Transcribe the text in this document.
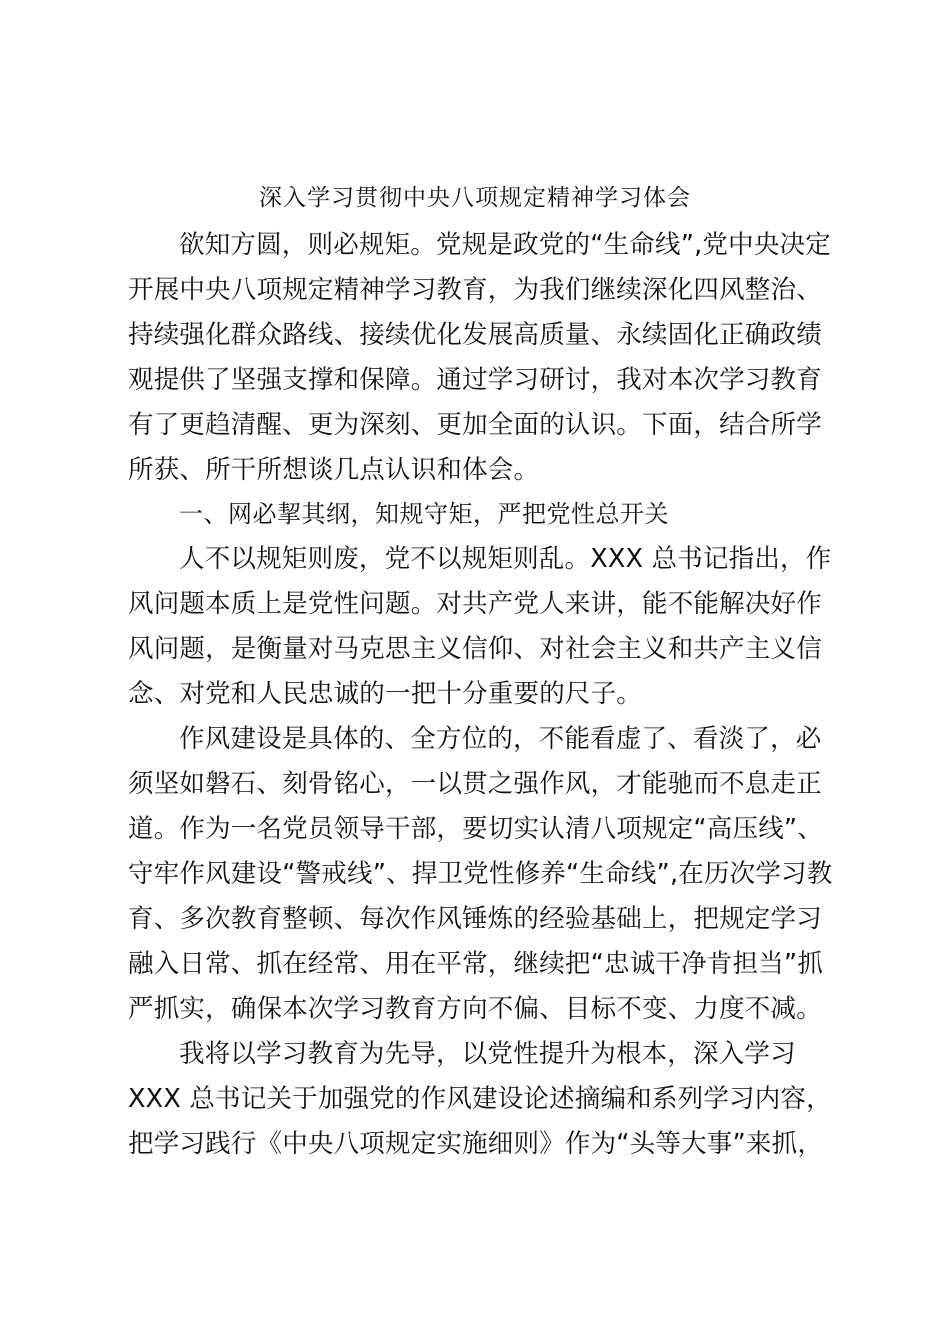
深入学习贯彻中央八项规定精神学习体会
欲知方圆，则必规矩。党规是政党的“生命线”,党中央决定
开展中央八项规定精神学习教育，为我们继续深化四风整治、
持续强化群众路线、接续优化发展高质量、永续固化正确政绩
观提供了坚强支撑和保障。通过学习研讨，我对本次学习教育
有了更趋清醒、更为深刻、更加全面的认识。下面，结合所学
所获、所干所想谈几点认识和体会。
一、网必挈其纲，知规守矩，严把党性总开关
人不以规矩则废，党不以规矩则乱。XXX 总书记指出，作
风问题本质上是党性问题。对共产党人来讲，能不能解决好作
风问题，是衡量对马克思主义信仰、对社会主义和共产主义信
念、对党和人民忠诚的一把十分重要的尺子。
作风建设是具体的、全方位的，不能看虚了、看淡了，必
须坚如磐石、刻骨铭心，一以贯之强作风，才能驰而不息走正
道。作为一名党员领导干部，要切实认清八项规定“高压线”、
守牢作风建设“警戒线”、捍卫党性修养“生命线”,在历次学习教
育、多次教育整顿、每次作风锤炼的经验基础上，把规定学习
融入日常、抓在经常、用在平常，继续把“忠诚干净肯担当”抓
严抓实，确保本次学习教育方向不偏、目标不变、力度不减。
我将以学习教育为先导，以党性提升为根本，深入学习
XXX 总书记关于加强党的作风建设论述摘编和系列学习内容，
把学习践行《中央八项规定实施细则》作为“头等大事”来抓，
